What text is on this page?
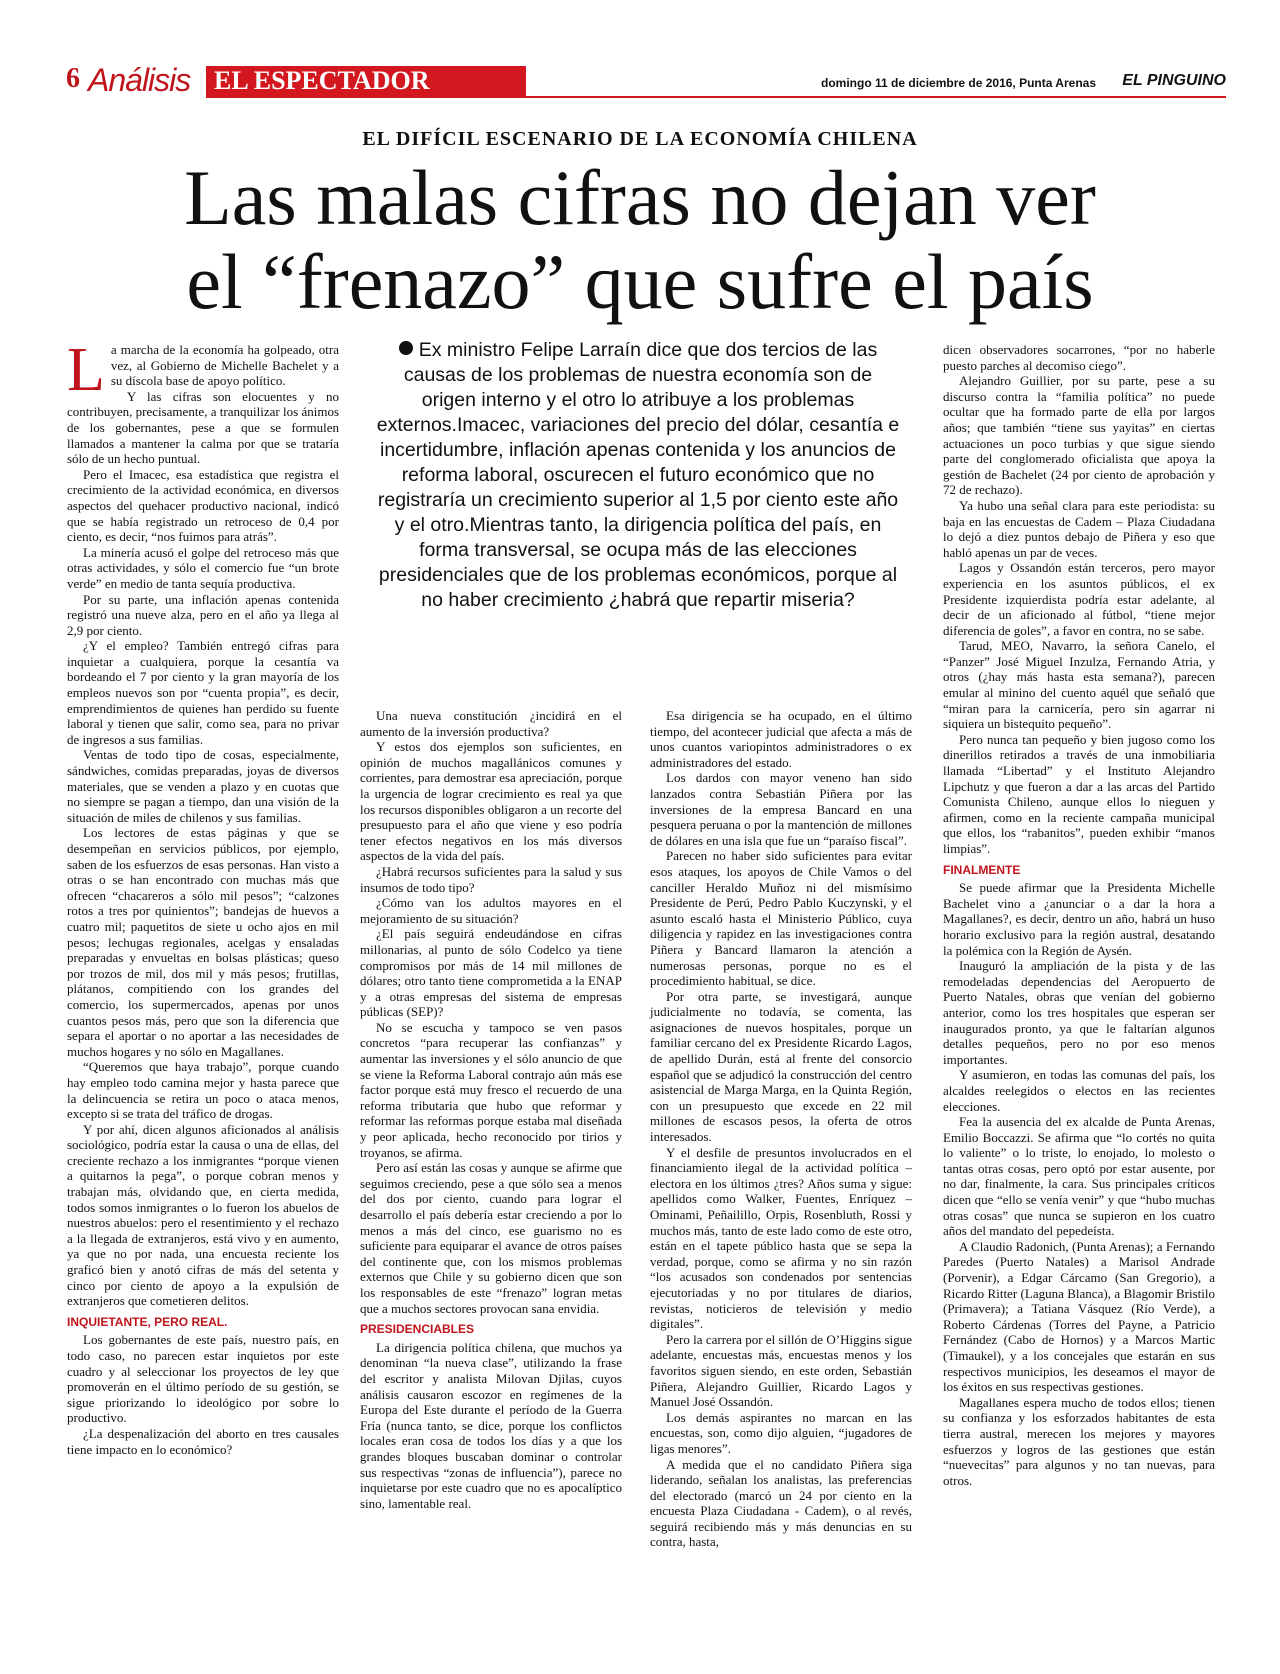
6 Análisis EL ESPECTADOR	domingo 11 de diciembre de 2016, Punta Arenas EL PINGUINO
EL DIFÍCIL ESCENARIO DE LA ECONOMÍA CHILENA
Las malas cifras no dejan ver
el “frenazo” que sufre el país
Ex ministro Felipe Larraín dice que dos tercios de las causas de los problemas de nuestra economía son de origen interno y el otro lo atribuye a los problemas externos.Imacec, variaciones del precio del dólar, cesantía e incertidumbre, inflación apenas contenida y los anuncios de reforma laboral, oscurecen el futuro económico que no registraría un crecimiento superior al 1,5 por ciento este año y el otro.Mientras tanto, la dirigencia política del país, en forma transversal, se ocupa más de las elecciones presidenciales que de los problemas económicos, porque al no haber crecimiento ¿habrá que repartir miseria?
L a marcha de la economía ha golpeado, otra vez, al Gobierno de Michelle Bachelet y a su díscola base de apoyo político.

Y las cifras son elocuentes y no contribuyen, precisamente, a tranquilizar los ánimos de los gobernantes, pese a que se formulen llamados a mantener la calma por que se trataría sólo de un hecho puntual.

Pero el Imacec, esa estadística que registra el crecimiento de la actividad económica, en diversos aspectos del quehacer productivo nacional, indicó que se había registrado un retroceso de 0,4 por ciento, es decir, “nos fuimos para atrás”.

La minería acusó el golpe del retroceso más que otras actividades, y sólo el comercio fue “un brote verde” en medio de tanta sequía productiva.

Por su parte, una inflación apenas contenida registró una nueve alza, pero en el año ya llega al 2,9 por ciento.

¿Y el empleo? También entregó cifras para inquietar a cualquiera, porque la cesantía va bordeando el 7 por ciento y la gran mayoría de los empleos nuevos son por “cuenta propia”, es decir, emprendimientos de quienes han perdido su fuente laboral y tienen que salir, como sea, para no privar de ingresos a sus familias.

Ventas de todo tipo de cosas, especialmente, sándwiches, comidas preparadas, joyas de diversos materiales, que se venden a plazo y en cuotas que no siempre se pagan a tiempo, dan una visión de la situación de miles de chilenos y sus familias.

Los lectores de estas páginas y que se desempeñan en servicios públicos, por ejemplo, saben de los esfuerzos de esas personas. Han visto a otras o se han encontrado con muchas más que ofrecen “chacareros a sólo mil pesos”; “calzones rotos a tres por quinientos”; bandejas de huevos a cuatro mil; paquetitos de siete u ocho ajos en mil pesos; lechugas regionales, acelgas y ensaladas preparadas y envueltas en bolsas plásticas; queso por trozos de mil, dos mil y más pesos; frutillas, plátanos, compitiendo con los grandes del comercio, los supermercados, apenas por unos cuantos pesos más, pero que son la diferencia que separa el aportar o no aportar a las necesidades de muchos hogares y no sólo en Magallanes.

“Queremos que haya trabajo”, porque cuando hay empleo todo camina mejor y hasta parece que la delincuencia se retira un poco o ataca menos, excepto si se trata del tráfico de drogas.

Y por ahí, dicen algunos aficionados al análisis sociológico, podría estar la causa o una de ellas, del creciente rechazo a los inmigrantes “porque vienen a quitarnos la pega”, o porque cobran menos y trabajan más, olvidando que, en cierta medida, todos somos inmigrantes o lo fueron los abuelos de nuestros abuelos: pero el resentimiento y el rechazo a la llegada de extranjeros, está vivo y en aumento, ya que no por nada, una encuesta reciente los graficó bien y anotó cifras de más del setenta y cinco por ciento de apoyo a la expulsión de extranjeros que cometieren delitos.

INQUIETANTE, PERO REAL.

Los gobernantes de este país, nuestro país, en todo caso, no parecen estar inquietos por este cuadro y al seleccionar los proyectos de ley que promoverán en el último período de su gestión, se sigue priorizando lo ideológico por sobre lo productivo.

¿La despenalización del aborto en tres causales tiene impacto en lo económico?

Una nueva constitución ¿incidirá en el aumento de la inversión productiva?

Y estos dos ejemplos son suficientes, en opinión de muchos magallánicos comunes y corrientes, para demostrar esa apreciación, porque la urgencia de lograr crecimiento es real ya que los recursos disponibles obligaron a un recorte del presupuesto para el año que viene y eso podría tener efectos negativos en los más diversos aspectos de la vida del país.

¿Habrá recursos suficientes para la salud y sus insumos de todo tipo?

¿Cómo van los adultos mayores en el mejoramiento de su situación?

¿El país seguirá endeudándose en cifras millonarias, al punto de sólo Codelco ya tiene compromisos por más de 14 mil millones de dólares; otro tanto tiene comprometida a la ENAP y a otras empresas del sistema de empresas públicas (SEP)?

No se escucha y tampoco se ven pasos concretos “para recuperar las confianzas” y aumentar las inversiones y el sólo anuncio de que se viene la Reforma Laboral contrajo aún más ese factor porque está muy fresco el recuerdo de una reforma tributaria que hubo que reformar y reformar las reformas porque estaba mal diseñada y peor aplicada, hecho reconocido por tirios y troyanos, se afirma.

Pero así están las cosas y aunque se afirme que seguimos creciendo, pese a que sólo sea a menos del dos por ciento, cuando para lograr el desarrollo el país debería estar creciendo a por lo menos a más del cinco, ese guarismo no es suficiente para equiparar el avance de otros países del continente que, con los mismos problemas externos que Chile y su gobierno dicen que son los responsables de este “frenazo” logran metas que a muchos sectores provocan sana envidia.

PRESIDENCIABLES

La dirigencia política chilena, que muchos ya denominan “la nueva clase”, utilizando la frase del escritor y analista Milovan Djilas, cuyos análisis causaron escozor en regímenes de la Europa del Este durante el período de la Guerra Fría (nunca tanto, se dice, porque los conflictos locales eran cosa de todos los días y a que los grandes bloques buscaban dominar o controlar sus respectivas “zonas de influencia”), parece no inquietarse por este cuadro que no es apocalíptico sino, lamentable real.

Esa dirigencia se ha ocupado, en el último tiempo, del acontecer judicial que afecta a más de unos cuantos variopintos administradores o ex administradores del estado.

Los dardos con mayor veneno han sido lanzados contra Sebastián Piñera por las inversiones de la empresa Bancard en una pesquera peruana o por la mantención de millones de dólares en una isla que fue un “paraíso fiscal”.

Parecen no haber sido suficientes para evitar esos ataques, los apoyos de Chile Vamos o del canciller Heraldo Muñoz ni del mismísimo Presidente de Perú, Pedro Pablo Kuczynski, y el asunto escaló hasta el Ministerio Público, cuya diligencia y rapidez en las investigaciones contra Piñera y Bancard llamaron la atención a numerosas personas, porque no es el procedimiento habitual, se dice.

Por otra parte, se investigará, aunque judicialmente no todavía, se comenta, las asignaciones de nuevos hospitales, porque un familiar cercano del ex Presidente Ricardo Lagos, de apellido Durán, está al frente del consorcio español que se adjudicó la construcción del centro asistencial de Marga Marga, en la Quinta Región, con un presupuesto que excede en 22 mil millones de escasos pesos, la oferta de otros interesados.

Y el desfile de presuntos involucrados en el financiamiento ilegal de la actividad política – electora en los últimos ¿tres? Años suma y sigue: apellidos como Walker, Fuentes, Enríquez – Ominami, Peñailillo, Orpis, Rosenbluth, Rossi y muchos más, tanto de este lado como de este otro, están en el tapete público hasta que se sepa la verdad, porque, como se afirma y no sin razón “los acusados son condenados por sentencias ejecutoriadas y no por titulares de diarios, revistas, noticieros de televisión y medio digitales”.

Pero la carrera por el sillón de O’Higgins sigue adelante, encuestas más, encuestas menos y los favoritos siguen siendo, en este orden, Sebastián Piñera, Alejandro Guillier, Ricardo Lagos y Manuel José Ossandón.

Los demás aspirantes no marcan en las encuestas, son, como dijo alguien, “jugadores de ligas menores”.

A medida que el no candidato Piñera siga liderando, señalan los analistas, las preferencias del electorado (marcó un 24 por ciento en la encuesta Plaza Ciudadana - Cadem), o al revés, seguirá recibiendo más y más denuncias en su contra, hasta,

dicen observadores socarrones, “por no haberle puesto parches al decomiso ciego”.

Alejandro Guillier, por su parte, pese a su discurso contra la “familia política” no puede ocultar que ha formado parte de ella por largos años; que también “tiene sus yayitas” en ciertas actuaciones un poco turbias y que sigue siendo parte del conglomerado oficialista que apoya la gestión de Bachelet (24 por ciento de aprobación y 72 de rechazo).

Ya hubo una señal clara para este periodista: su baja en las encuestas de Cadem – Plaza Ciudadana lo dejó a diez puntos debajo de Piñera y eso que habló apenas un par de veces.

Lagos y Ossandón están terceros, pero mayor experiencia en los asuntos públicos, el ex Presidente izquierdista podría estar adelante, al decir de un aficionado al fútbol, “tiene mejor diferencia de goles”, a favor en contra, no se sabe.

Tarud, MEO, Navarro, la señora Canelo, el “Panzer” José Miguel Inzulza, Fernando Atria, y otros (¿hay más hasta esta semana?), parecen emular al minino del cuento aquél que señaló que “miran para la carnicería, pero sin agarrar ni siquiera un bistequito pequeño”.

Pero nunca tan pequeño y bien jugoso como los dinerillos retirados a través de una inmobiliaria llamada “Libertad” y el Instituto Alejandro Lipchutz y que fueron a dar a las arcas del Partido Comunista Chileno, aunque ellos lo nieguen y afirmen, como en la reciente campaña municipal que ellos, los “rabanitos”, pueden exhibir “manos limpias”.

FINALMENTE

Se puede afirmar que la Presidenta Michelle Bachelet vino a ¿anunciar o a dar la hora a Magallanes?, es decir, dentro un año, habrá un huso horario exclusivo para la región austral, desatando la polémica con la Región de Aysén.

Inauguró la ampliación de la pista y de las remodeladas dependencias del Aeropuerto de Puerto Natales, obras que venían del gobierno anterior, como los tres hospitales que esperan ser inaugurados pronto, ya que le faltarían algunos detalles pequeños, pero no por eso menos importantes.

Y asumieron, en todas las comunas del país, los alcaldes reelegidos o electos en las recientes elecciones.

Fea la ausencia del ex alcalde de Punta Arenas, Emilio Boccazzi. Se afirma que “lo cortés no quita lo valiente” o lo triste, lo enojado, lo molesto o tantas otras cosas, pero optó por estar ausente, por no dar, finalmente, la cara. Sus principales críticos dicen que “ello se venía venir” y que “hubo muchas otras cosas” que nunca se supieron en los cuatro años del mandato del pepedeísta.

A Claudio Radonich, (Punta Arenas); a Fernando Paredes (Puerto Natales) a Marisol Andrade (Porvenir), a Edgar Cárcamo (San Gregorio), a Ricardo Ritter (Laguna Blanca), a Blagomir Bristilo (Primavera); a Tatiana Vásquez (Río Verde), a Roberto Cárdenas (Torres del Payne, a Patricio Fernández (Cabo de Hornos) y a Marcos Martic (Timaukel), y a los concejales que estarán en sus respectivos municipios, les deseamos el mayor de los éxitos en sus respectivas gestiones.

Magallanes espera mucho de todos ellos; tienen su confianza y los esforzados habitantes de esta tierra austral, merecen los mejores y mayores esfuerzos y logros de las gestiones que están “nuevecitas” para algunos y no tan nuevas, para otros.
